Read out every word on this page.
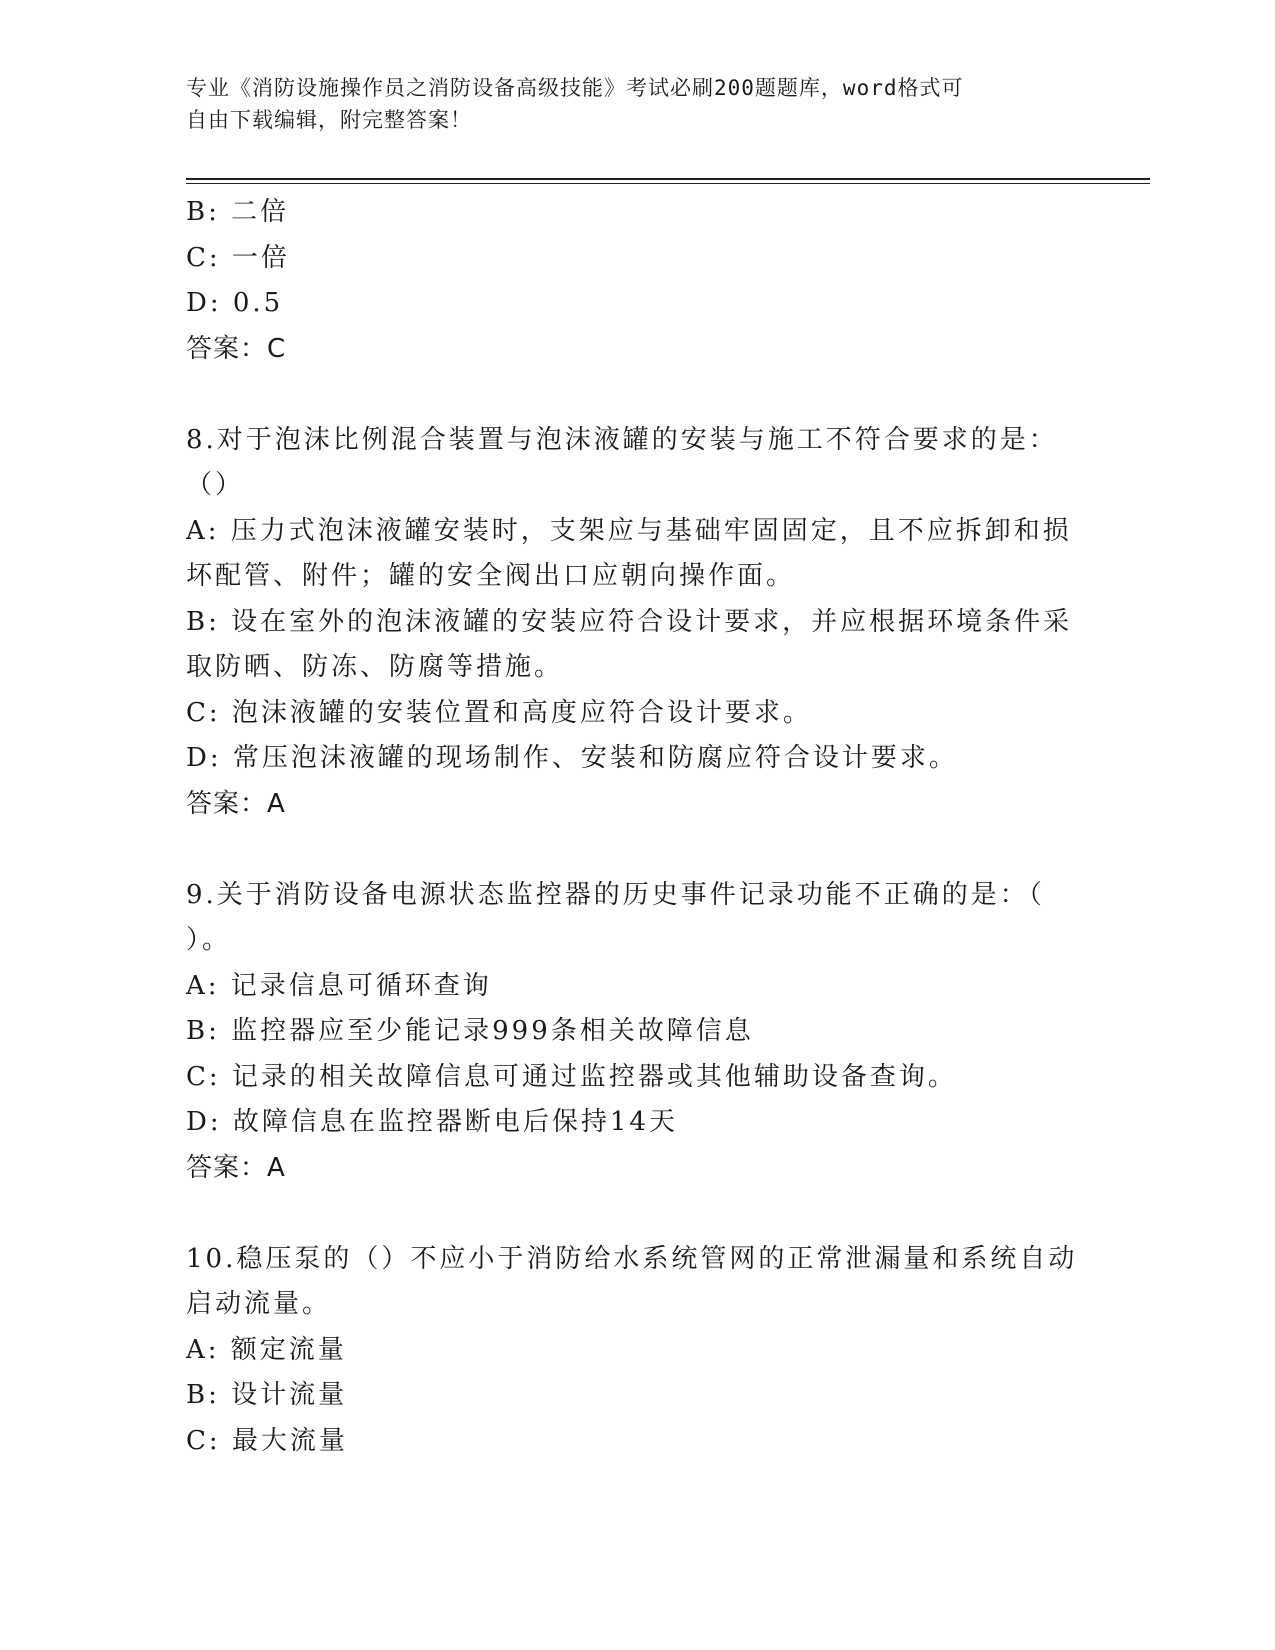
专业《消防设施操作员之消防设备高级技能》考试必刷200题题库，word格式可
自由下载编辑，附完整答案！
B: 二倍
C: 一倍
D: 0.5
答案：C
8.对于泡沫比例混合装置与泡沫液罐的安装与施工不符合要求的是：
（）
A: 压力式泡沫液罐安装时，支架应与基础牢固固定，且不应拆卸和损
坏配管、附件；罐的安全阀出口应朝向操作面。
B: 设在室外的泡沫液罐的安装应符合设计要求，并应根据环境条件采
取防晒、防冻、防腐等措施。
C: 泡沫液罐的安装位置和高度应符合设计要求。
D: 常压泡沫液罐的现场制作、安装和防腐应符合设计要求。
答案：A
9.关于消防设备电源状态监控器的历史事件记录功能不正确的是：（
）。
A: 记录信息可循环查询
B: 监控器应至少能记录999条相关故障信息
C: 记录的相关故障信息可通过监控器或其他辅助设备查询。
D: 故障信息在监控器断电后保持14天
答案：A
10.稳压泵的（）不应小于消防给水系统管网的正常泄漏量和系统自动
启动流量。
A: 额定流量
B: 设计流量
C: 最大流量
